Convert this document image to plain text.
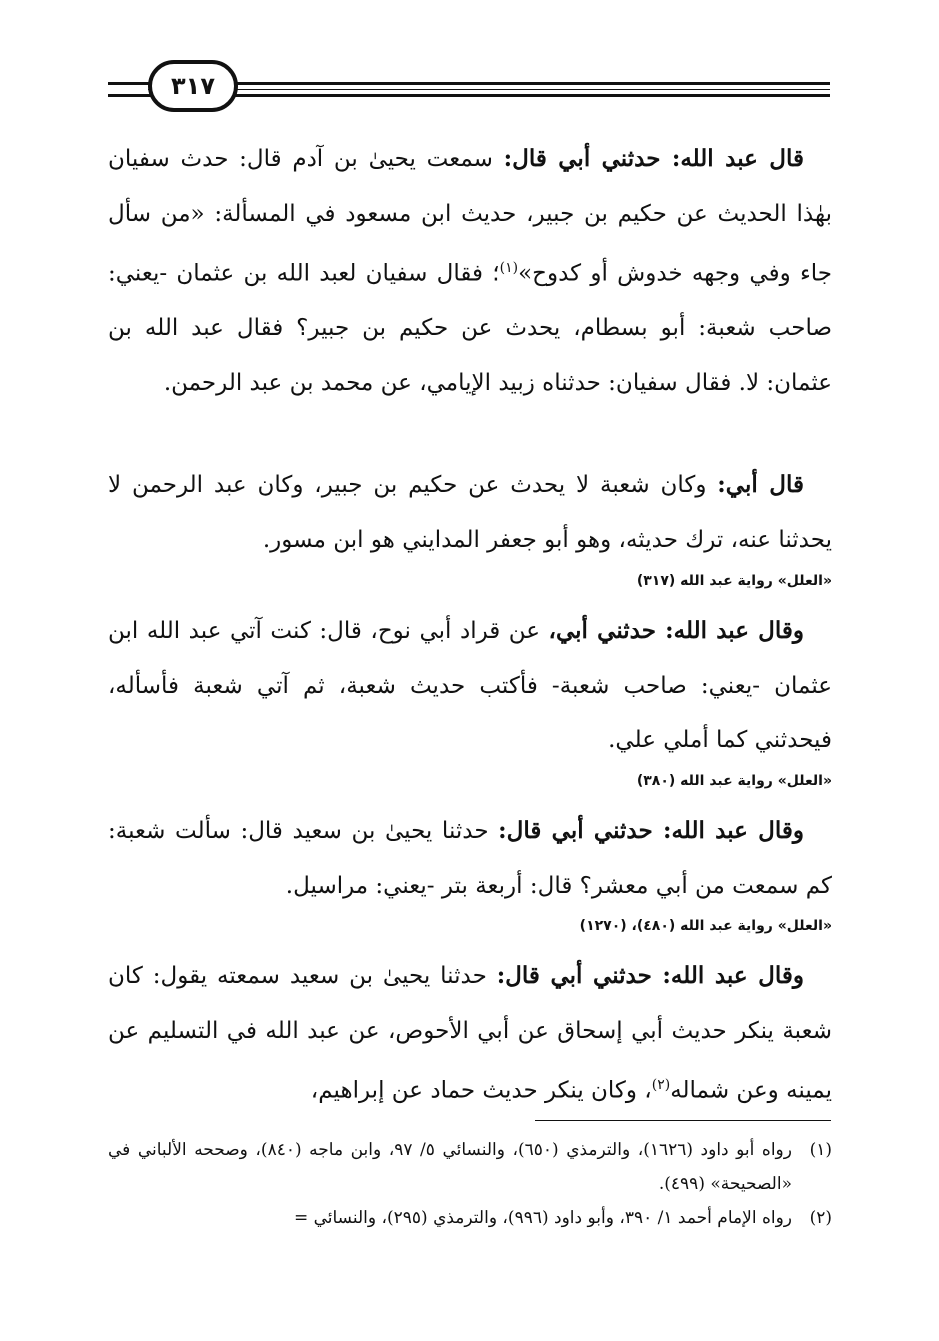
٣١٧

قال عبد الله: حدثني أبي قال: سمعت يحيىٰ بن آدم قال: حدث سفيان بهٰذا الحديث عن حكيم بن جبير، حديث ابن مسعود في المسألة: «من سأل جاء وفي وجهه خدوش أو كدوح»$^{(١)}$؛ فقال سفيان لعبد الله بن عثمان -يعني: صاحب شعبة: أبو بسطام، يحدث عن حكيم بن جبير؟ فقال عبد الله بن عثمان: لا. فقال سفيان: حدثناه زبيد الإيامي، عن محمد بن عبد الرحمن.

قال أبي: وكان شعبة لا يحدث عن حكيم بن جبير، وكان عبد الرحمن لا يحدثنا عنه، ترك حديثه، وهو أبو جعفر المدايني هو ابن مسور.

«العلل» رواية عبد الله (٣١٧)

وقال عبد الله: حدثني أبي، عن قراد أبي نوح، قال: كنت آتي عبد الله ابن عثمان -يعني: صاحب شعبة- فأكتب حديث شعبة، ثم آتي شعبة فأسأله، فيحدثني كما أملي علي.

«العلل» رواية عبد الله (٣٨٠)

وقال عبد الله: حدثني أبي قال: حدثنا يحيىٰ بن سعيد قال: سألت شعبة: كم سمعت من أبي معشر؟ قال: أربعة بتر -يعني: مراسيل.

«العلل» رواية عبد الله (٤٨٠)، (١٢٧٠)

وقال عبد الله: حدثني أبي قال: حدثنا يحيىٰ بن سعيد سمعته يقول: كان شعبة ينكر حديث أبي إسحاق عن أبي الأحوص، عن عبد الله في التسليم عن يمينه وعن شماله$^{(٢)}$، وكان ينكر حديث حماد عن إبراهيم،

(١)
رواه أبو داود (١٦٢٦)، والترمذي (٦٥٠)، والنسائي ٥/ ٩٧، وابن ماجه (٨٤٠)، وصححه الألباني في «الصحيحة» (٤٩٩).

(٢)
رواه الإمام أحمد ١/ ٣٩٠، وأبو داود (٩٩٦)، والترمذي (٢٩٥)، والنسائي =
